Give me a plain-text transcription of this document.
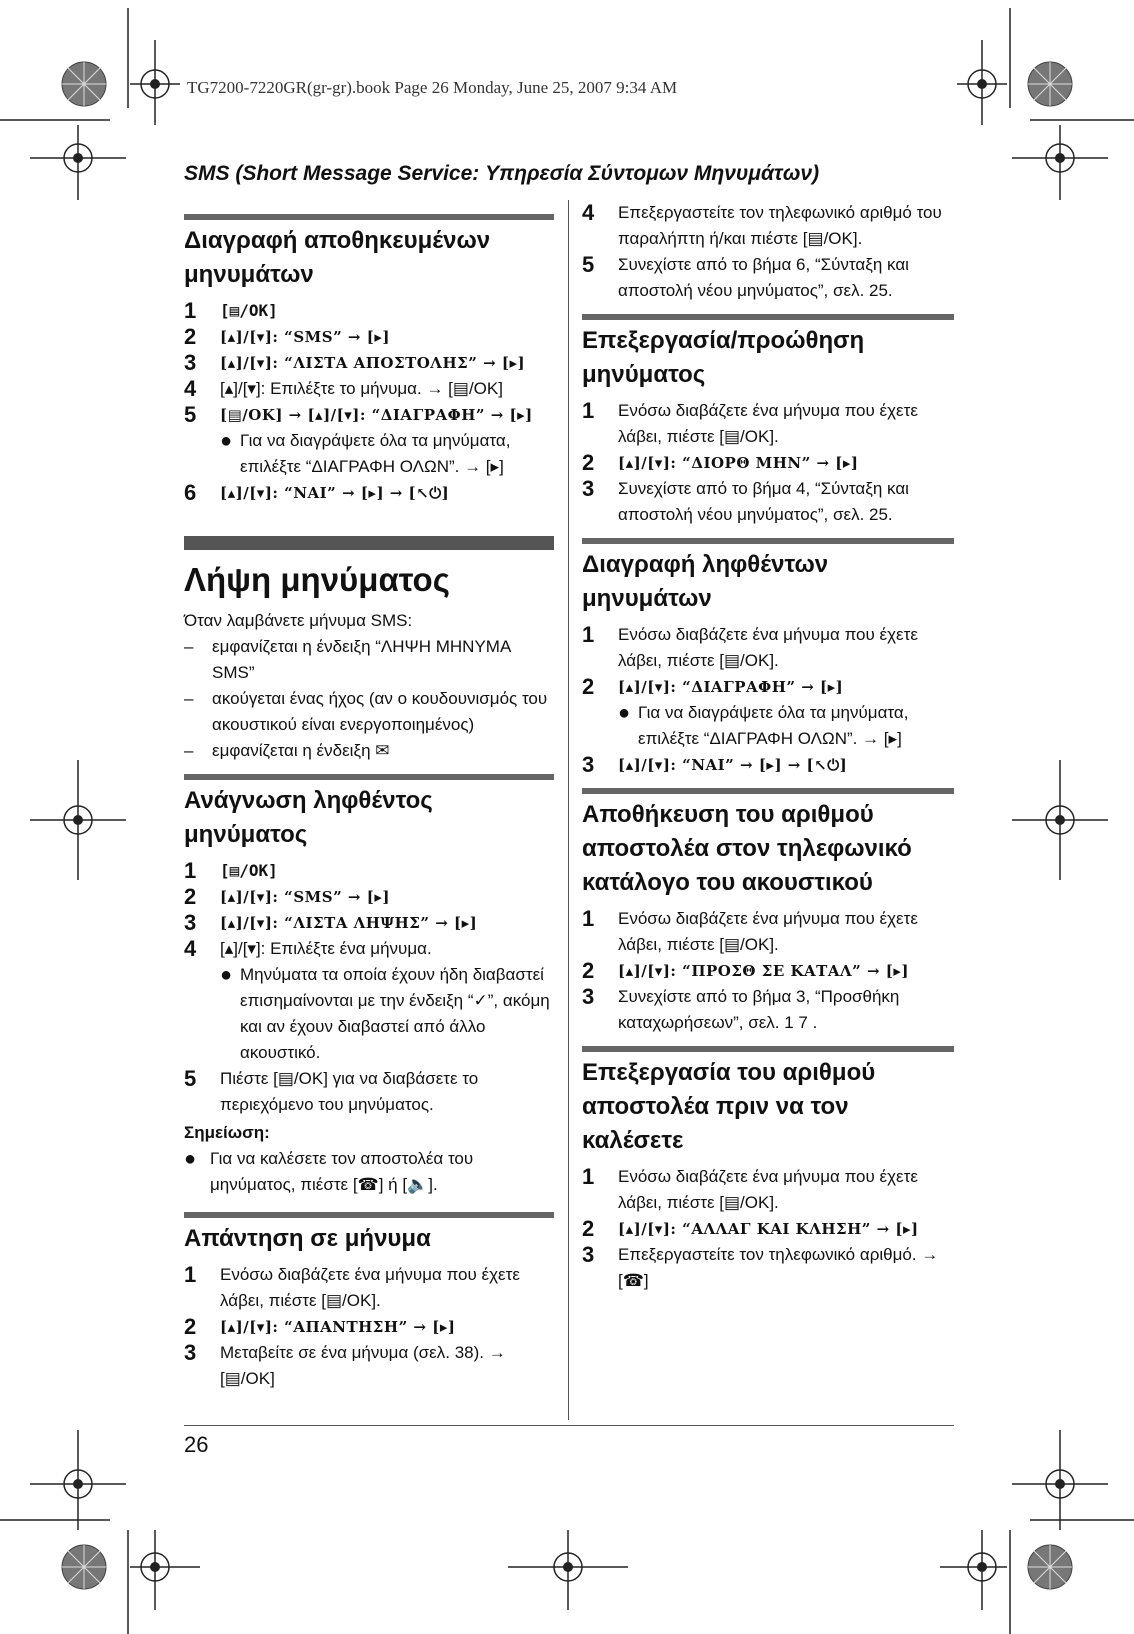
TG7200-7220GR(gr-gr).book Page 26 Monday, June 25, 2007 9:34 AM
SMS (Short Message Service: Υπηρεσία Σύντομων Μηνυμάτων)
Διαγραφή αποθηκευμένων μηνυμάτων
1	[▤/OK]
2	[▴]/[▾]: “SMS” → [▸]
3	[▴]/[▾]: “ΛΙΣΤΑ ΑΠΟΣΤΟΛΗΣ” → [▸]
4	[▴]/[▾]: Επιλέξτε το μήνυμα. → [▤/OK]
5	[▤/OK] → [▴]/[▾]: “ΔΙΑΓΡΑΦΗ” → [▸]
● Για να διαγράψετε όλα τα μηνύματα, επιλέξτε “ΔΙΑΓΡΑΦΗ ΟΛΩΝ”. → [▸]
6	[▴]/[▾]: “ΝΑΙ” → [▸] → [↖⏻]
Λήψη μηνύματος
Όταν λαμβάνετε μήνυμα SMS:
–	εμφανίζεται η ένδειξη “ΛΗΨΗ ΜΗΝΥΜΑ SMS”
–	ακούγεται ένας ήχος (αν ο κουδουνισμός του ακουστικού είναι ενεργοποιημένος)
–	εμφανίζεται η ένδειξη ✉
Ανάγνωση ληφθέντος μηνύματος
1	[▤/OK]
2	[▴]/[▾]: “SMS” → [▸]
3	[▴]/[▾]: “ΛΙΣΤΑ ΛΗΨΗΣ” → [▸]
4	[▴]/[▾]: Επιλέξτε ένα μήνυμα.
● Μηνύματα τα οποία έχουν ήδη διαβαστεί επισημαίνονται με την ένδειξη “✓”, ακόμη και αν έχουν διαβαστεί από άλλο ακουστικό.
5	Πιέστε [▤/OK] για να διαβάσετε το περιεχόμενο του μηνύματος.
Σημείωση:
● Για να καλέσετε τον αποστολέα του μηνύματος, πιέστε [☎] ή [🔈].
Απάντηση σε μήνυμα
1	Ενόσω διαβάζετε ένα μήνυμα που έχετε λάβει, πιέστε [▤/OK].
2	[▴]/[▾]: “ΑΠΑΝΤΗΣΗ” → [▸]
3	Μεταβείτε σε ένα μήνυμα (σελ. 38). → [▤/OK]
4	Επεξεργαστείτε τον τηλεφωνικό αριθμό του παραλήπτη ή/και πιέστε [▤/OK].
5	Συνεχίστε από το βήμα 6, “Σύνταξη και αποστολή νέου μηνύματος”, σελ. 25.
Επεξεργασία/προώθηση μηνύματος
1	Ενόσω διαβάζετε ένα μήνυμα που έχετε λάβει, πιέστε [▤/OK].
2	[▴]/[▾]: “ΔΙΟΡΘ ΜΗΝ” → [▸]
3	Συνεχίστε από το βήμα 4, “Σύνταξη και αποστολή νέου μηνύματος”, σελ. 25.
Διαγραφή ληφθέντων μηνυμάτων
1	Ενόσω διαβάζετε ένα μήνυμα που έχετε λάβει, πιέστε [▤/OK].
2	[▴]/[▾]: “ΔΙΑΓΡΑΦΗ” → [▸]
● Για να διαγράψετε όλα τα μηνύματα, επιλέξτε “ΔΙΑΓΡΑΦΗ ΟΛΩΝ”. → [▸]
3	[▴]/[▾]: “ΝΑΙ” → [▸] → [↖⏻]
Αποθήκευση του αριθμού αποστολέα στον τηλεφωνικό κατάλογο του ακουστικού
1	Ενόσω διαβάζετε ένα μήνυμα που έχετε λάβει, πιέστε [▤/OK].
2	[▴]/[▾]: “ΠΡΟΣΘ ΣΕ ΚΑΤΑΛ” → [▸]
3	Συνεχίστε από το βήμα 3, “Προσθήκη καταχωρήσεων”, σελ. 1 7 .
Επεξεργασία του αριθμού αποστολέα πριν να τον καλέσετε
1	Ενόσω διαβάζετε ένα μήνυμα που έχετε λάβει, πιέστε [▤/OK].
2	[▴]/[▾]: “ΑΛΛΑΓ ΚΑΙ ΚΛΗΣΗ” → [▸]
3	Επεξεργαστείτε τον τηλεφωνικό αριθμό. → [☎]
26
